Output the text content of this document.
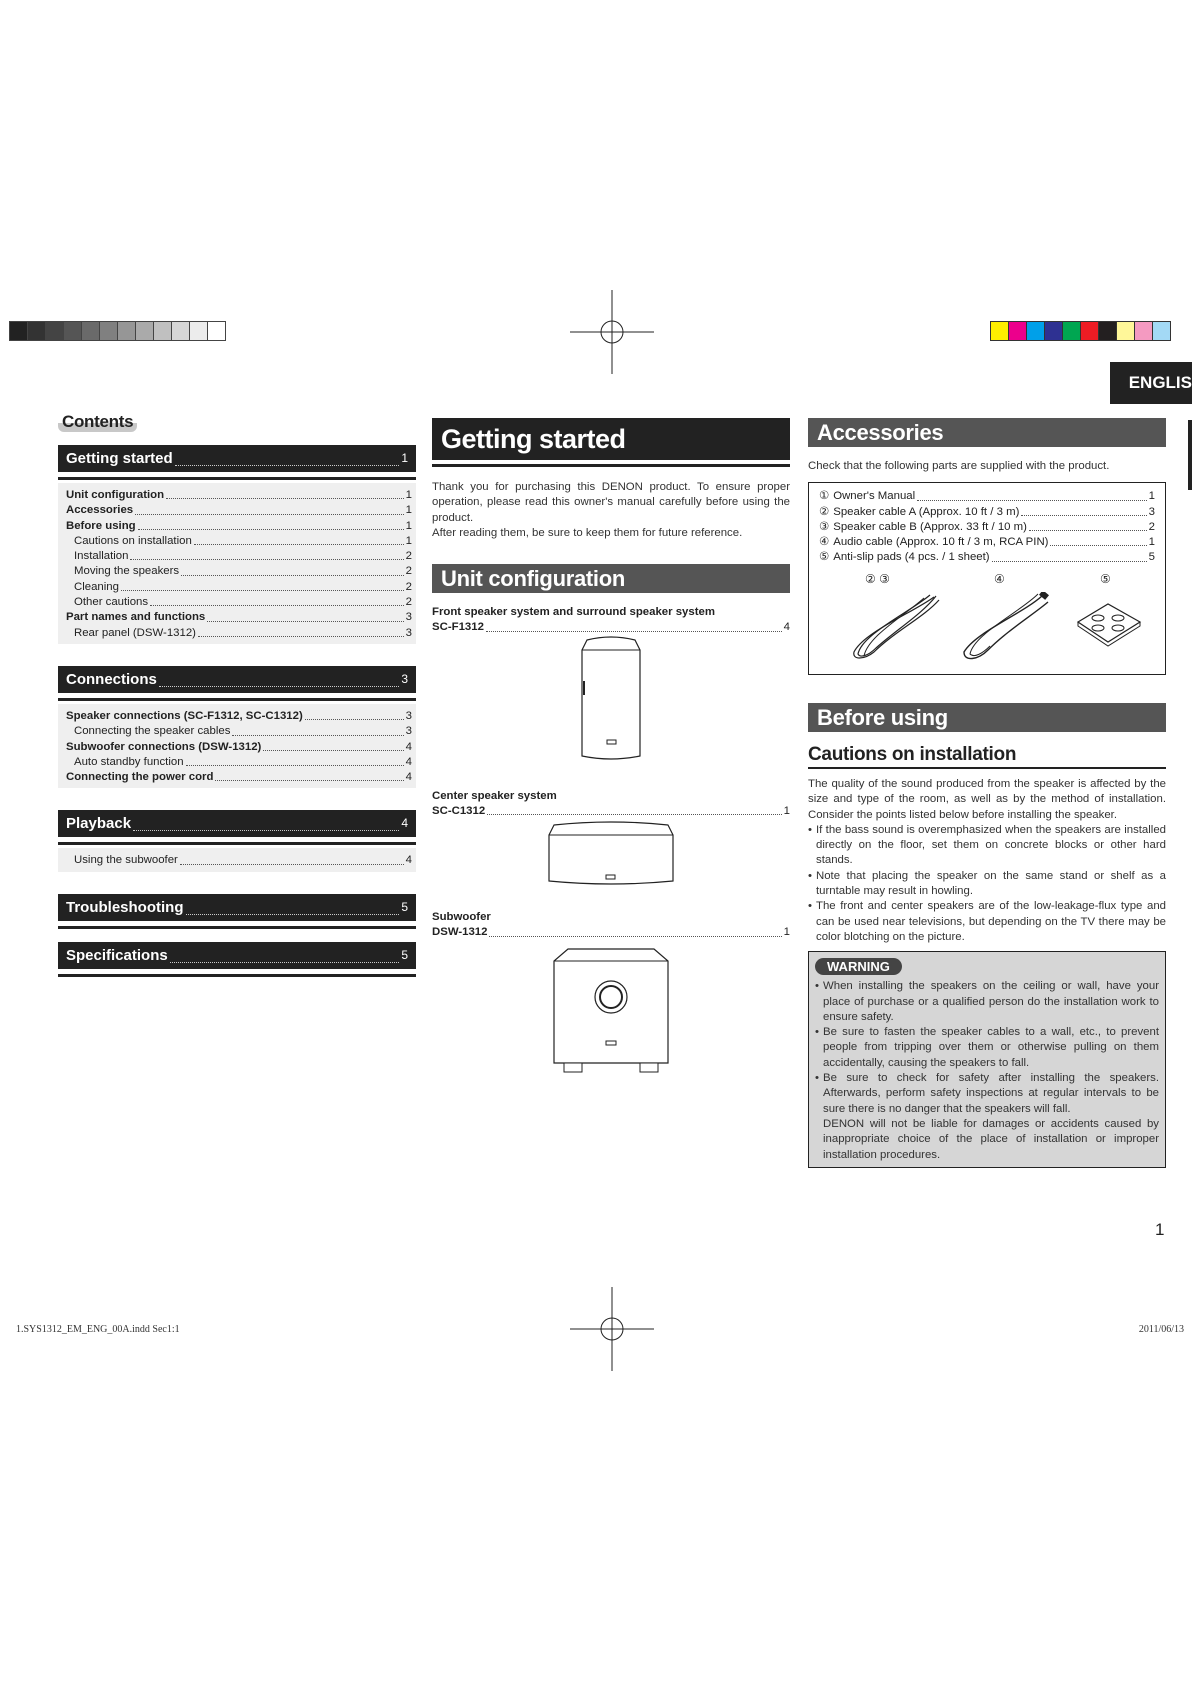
ENGLIS
Contents
Getting started	1
Unit configuration	1
Accessories	1
Before using	1
Cautions on installation	1
Installation	2
Moving the speakers	2
Cleaning	2
Other cautions	2
Part names and functions	3
Rear panel (DSW-1312)	3
Connections	3
Speaker connections (SC-F1312, SC-C1312)	3
Connecting the speaker cables	3
Subwoofer connections (DSW-1312)	4
Auto standby function	4
Connecting the power cord	4
Playback	4
Using the subwoofer	4
Troubleshooting	5
Specifications	5
Getting started
Thank you for purchasing this DENON product. To ensure proper operation, please read this owner's manual carefully before using the product.
After reading them, be sure to keep them for future reference.
Unit configuration
Front speaker system and surround speaker system
SC-F1312	4
Center speaker system
SC-C1312	1
Subwoofer
DSW-1312	1
Accessories
Check that the following parts are supplied with the product.
① Owner's Manual	1
② Speaker cable A (Approx. 10 ft / 3 m)	3
③ Speaker cable B (Approx. 33 ft / 10 m)	2
④ Audio cable (Approx. 10 ft / 3 m, RCA PIN)	1
⑤ Anti-slip pads (4 pcs. / 1 sheet)	5
② ③	④	⑤
Before using
Cautions on installation
The quality of the sound produced from the speaker is affected by the size and type of the room, as well as by the method of installation. Consider the points listed below before installing the speaker.
• If the bass sound is overemphasized when the speakers are installed directly on the floor, set them on concrete blocks or other hard stands.
• Note that placing the speaker on the same stand or shelf as a turntable may result in howling.
• The front and center speakers are of the low-leakage-flux type and can be used near televisions, but depending on the TV there may be color blotching on the picture.
WARNING
• When installing the speakers on the ceiling or wall, have your place of purchase or a qualified person do the installation work to ensure safety.
• Be sure to fasten the speaker cables to a wall, etc., to prevent people from tripping over them or otherwise pulling on them accidentally, causing the speakers to fall.
• Be sure to check for safety after installing the speakers. Afterwards, perform safety inspections at regular intervals to be sure there is no danger that the speakers will fall.
DENON will not be liable for damages or accidents caused by inappropriate choice of the place of installation or improper installation procedures.
1
1.SYS1312_EM_ENG_00A.indd Sec1:1	2011/06/13
